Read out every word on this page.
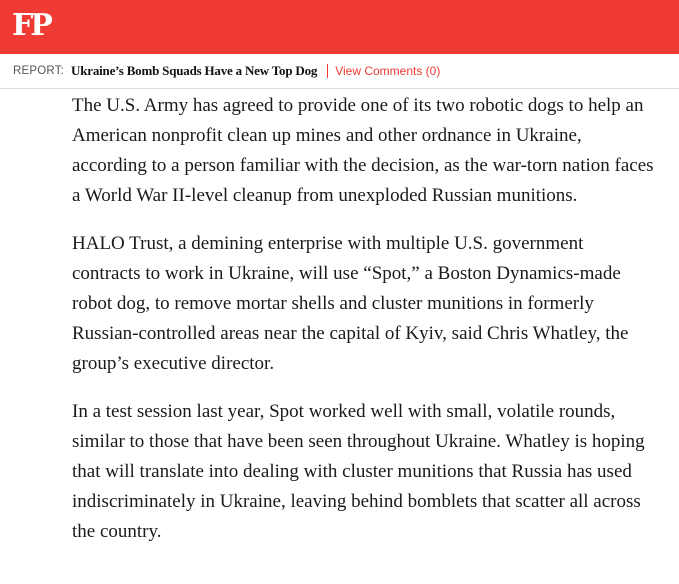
FP
REPORT: Ukraine’s Bomb Squads Have a New Top Dog View Comments (0)

The U.S. Army has agreed to provide one of its two robotic dogs to help an American nonprofit clean up mines and other ordnance in Ukraine, according to a person familiar with the decision, as the war-torn nation faces a World War II-level cleanup from unexploded Russian munitions.

HALO Trust, a demining enterprise with multiple U.S. government contracts to work in Ukraine, will use “Spot,” a Boston Dynamics-made robot dog, to remove mortar shells and cluster munitions in formerly Russian-controlled areas near the capital of Kyiv, said Chris Whatley, the group’s executive director.

In a test session last year, Spot worked well with small, volatile rounds, similar to those that have been seen throughout Ukraine. Whatley is hoping that will translate into dealing with cluster munitions that Russia has used indiscriminately in Ukraine, leaving behind bomblets that scatter all across the country.
